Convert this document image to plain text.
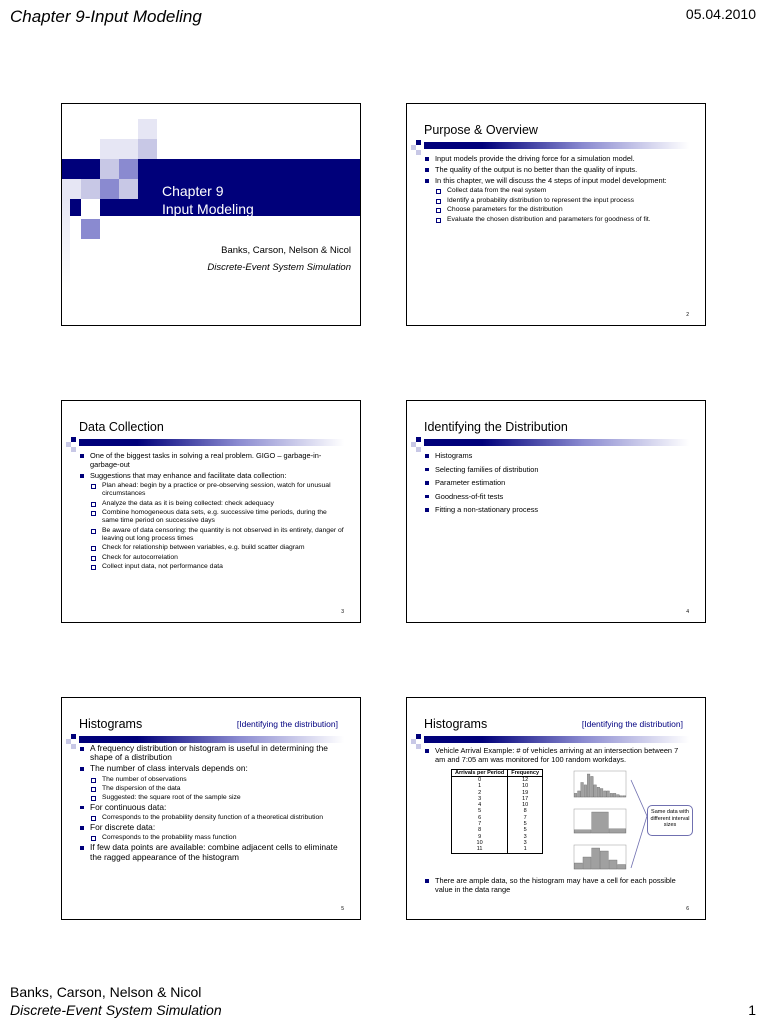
Chapter 9-Input Modeling	05.04.2010
Chapter 9
Input Modeling
Banks, Carson, Nelson & Nicol
Discrete-Event System Simulation
Purpose & Overview
Input models provide the driving force for a simulation model.
The quality of the output is no better than the quality of inputs.
In this chapter, we will discuss the 4 steps of input model development:
Collect data from the real system
Identify a probability distribution to represent the input process
Choose parameters for the distribution
Evaluate the chosen distribution and parameters for goodness of fit.
2
Data Collection
One of the biggest tasks in solving a real problem. GIGO – garbage-in-garbage-out
Suggestions that may enhance and facilitate data collection:
Plan ahead: begin by a practice or pre-observing session, watch for unusual circumstances
Analyze the data as it is being collected: check adequacy
Combine homogeneous data sets, e.g. successive time periods, during the same time period on successive days
Be aware of data censoring: the quantity is not observed in its entirety, danger of leaving out long process times
Check for relationship between variables, e.g. build scatter diagram
Check for autocorrelation
Collect input data, not performance data
3
Identifying the Distribution
Histograms
Selecting families of distribution
Parameter estimation
Goodness-of-fit tests
Fitting a non-stationary process
4
Histograms	[Identifying the distribution]
A frequency distribution or histogram is useful in determining the shape of a distribution
The number of class intervals depends on:
The number of observations
The dispersion of the data
Suggested: the square root of the sample size
For continuous data:
Corresponds to the probability density function of a theoretical distribution
For discrete data:
Corresponds to the probability mass function
If few data points are available: combine adjacent cells to eliminate the ragged appearance of the histogram
5
Histograms	[Identifying the distribution]
Vehicle Arrival Example: # of vehicles arriving at an intersection between 7 am and 7:05 am was monitored for 100 random workdays.
Arrivals per Period	Frequency
0	12
1	10
2	19
3	17
4	10
5	8
6	7
7	5
8	5
9	3
10	3
11	1
Same data with different interval sizes
There are ample data, so the histogram may have a cell for each possible value in the data range
6
Banks, Carson, Nelson & Nicol
Discrete-Event System Simulation	1
